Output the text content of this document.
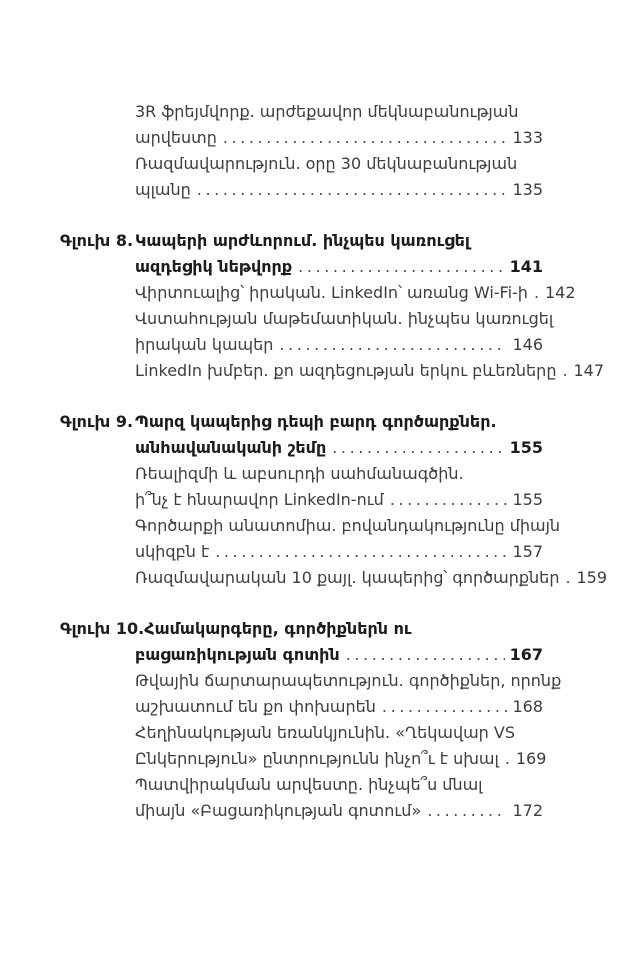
3R ֆրեյմվորք. արժեքավոր մեկնաբանության
արվեստը .....	133
Ռազմավարություն. օրը 30 մեկնաբանության
պլանը .....	135
Գլուխ 8. Կապերի արժևորում. ինչպես կառուցել
ազդեցիկ նեթվորք .....	141
Վիրտուալից՝ իրական. LinkedIn՝ առանց Wi-Fi-ի ..... 142
Վստահության մաթեմատիկան. ինչպես կառուցել
իրական կապեր .....	146
LinkedIn խմբեր. քո ազդեցության երկու բևեռները ..... 147
Գլուխ 9. Պարզ կապերից դեպի բարդ գործարքներ.
անհավանականի շեմը .....	155
Ռեալիզմի և աբսուրդի սահմանագծին.
ի՞նչ է հնարավոր LinkedIn-ում .....	155
Գործարքի անատոմիա. բովանդակությունը միայն
սկիզբն է .....	157
Ռազմավարական 10 քայլ. կապերից՝ գործարքներ ..... 159
Գլուխ 10. Համակարգերը, գործիքներն ու
բացառիկության գոտին .....	167
Թվային ճարտարապետություն. գործիքներ, որոնք
աշխատում են քո փոխարեն .....	168
Հեղինակության եռանկյունին. «Ղեկավար VS
Ընկերություն» ընտրությունն ինչո՞ւ է սխալ ..... 169
Պատվիրակման արվեստը. ինչպե՞ս մնալ
միայն «Բացառիկության գոտում» .....	172
